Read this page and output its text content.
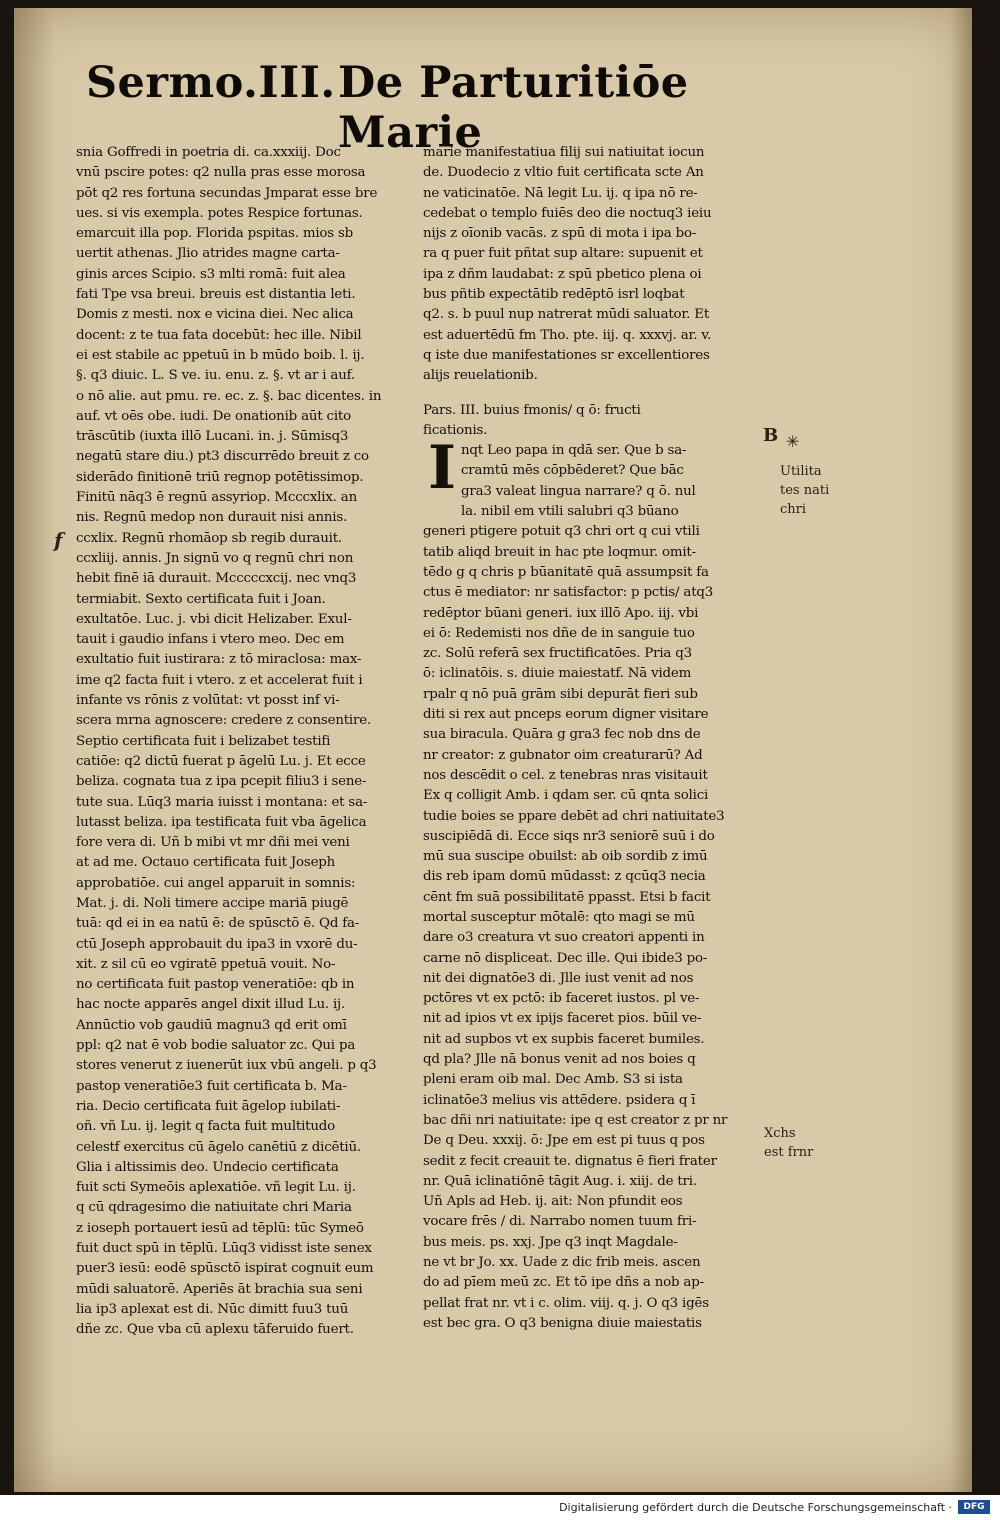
Sermo.III. De Parturitiōe Marie
snia Goffredi in poetria di. ca.xxxiij. Doc
vnū pscire potes: q2 nulla pras esse morosa
pōt q2 res fortuna secundas Jmparat esse bre
ues. si vis exempla. potes Respice fortunas.
emarcuit illa pop. Florida pspitas. mios sb
uertit athenas. Jlio atrides magne carta-
ginis arces Scipio. s3 mlti romā: fuit alea
fati Tpe vsa breui. breuis est distantia leti.
Domis z mesti. nox e vicina diei. Nec alica
docent: z te tua fata docebūt: hec ille. Nibil
ei est stabile ac ppetuū in b mūdo boib. l. ij.
§. q3 diuic. L. S ve. iu. enu. z. §. vt ar i auf.
o nō alie. aut pmu. re. ec. z. §. bac dicentes. in
auf. vt oēs obe. iudi. De onationib aūt cito
trāscūtib (iuxta illō Lucani. in. j. Sūmisq3
negatū stare diu.) pt3 discurrēdo breuit z co
siderādo finitionē triū regnop potētissimop.
Finitū nāq3 ē regnū assyriop. Mcccxlix. an
nis. Regnū medop non durauit nisi annis.
ccxlix. Regnū rhomāop sb regib durauit.
ccxliij. annis. Jn signū vo q regnū chri non
hebit finē iā durauit. Mcccccxcij. nec vnq3
termiabit. Sexto certificata fuit i Joan.
exultatōe. Luc. j. vbi dicit Helizaber. Exul-
tauit i gaudio infans i vtero meo. Dec em
exultatio fuit iustirara: z tō miraclosa: max-
ime q2 facta fuit i vtero. z et accelerat fuit i
infante vs rōnis z volūtat: vt posst inf vi-
scera mrna agnoscere: credere z consentire.
Septio certificata fuit i belizabet testifi
catiōe: q2 dictū fuerat p āgelū Lu. j. Et ecce
beliza. cognata tua z ipa pcepit filiu3 i sene-
tute sua. Lūq3 maria iuisst i montana: et sa-
lutasst beliza. ipa testificata fuit vba āgelica
fore vera di. Uñ b mibi vt mr dñi mei veni
at ad me. Octauo certificata fuit Joseph
approbatiōe. cui angel apparuit in somnis:
Mat. j. di. Noli timere accipe mariā piugē
tuā: qd ei in ea natū ē: de spūsctō ē. Qd fa-
ctū Joseph approbauit du ipa3 in vxorē du-
xit. z sil cū eo vgiratē ppetuā vouit. No-
no certificata fuit pastop veneratiōe: qb in
hac nocte apparēs angel dixit illud Lu. ij.
Annūctio vob gaudiū magnu3 qd erit omī
ppl: q2 nat ē vob bodie saluator zc. Qui pa
stores venerut z iuenerūt iux vbū angeli. p q3
pastop veneratiōe3 fuit certificata b. Ma-
ria. Decio certificata fuit āgelop iubilati-
oñ. vñ Lu. ij. legit q facta fuit multitudo
celestf exercitus cū āgelo canētiū z dicētiū.
Glia i altissimis deo. Undecio certificata
fuit scti Symeōis aplexatiōe. vñ legit Lu. ij.
q cū qdragesimo die natiuitate chri Maria
z ioseph portauert iesū ad tēplū: tūc Symeō
fuit duct spū in tēplū. Lūq3 vidisst iste senex
puer3 iesū: eodē spūsctō ispirat cognuit eum
mūdi saluatorē. Aperiēs āt brachia sua seni
lia ip3 aplexat est di. Nūc dimitt fuu3 tuū
dñe zc. Que vba cū aplexu tāferuido fuert.
marie manifestatiua filij sui natiuitat iocun
de. Duodecio z vltio fuit certificata scte An
ne vaticinatōe. Nā legit Lu. ij. q ipa nō re-
cedebat o templo fuiēs deo die noctuq3 ieiu
nijs z oīonib vacās. z spū di mota i ipa bo-
ra q puer fuit pñtat sup altare: supuenit et
ipa z dñm laudabat: z spū pbetico plena oi
bus pñtib expectātib redēptō isrl loqbat
q2. s. b puul nup natrerat mūdi saluator. Et
est aduertēdū fm Tho. pte. iij. q. xxxvj. ar. v.
q iste due manifestationes sr excellentiores
alijs reuelationib.
Pars. III. buius fmonis/ q ō: fructi
ficationis.
nqt Leo papa in qdā ser. Que b sa-
cramtū mēs cōpbēderet? Que bāc
gra3 valeat lingua narrare? q ō. nul
la. nibil em vtili salubri q3 būano
generi ptigere potuit q3 chri ort q cui vtili
tatib aliqd breuit in hac pte loqmur. omit-
tēdo g q chris p būanitatē quā assumpsit fa
ctus ē mediator: nr satisfactor: p pctis/ atq3
redēptor būani generi. iux illō Apo. iij. vbi
ei ō: Redemisti nos dñe de in sanguie tuo
zc. Solū referā sex fructificatōes. Pria q3
ō: iclinatōis. s. diuie maiestatf. Nā videm
rpalr q nō puā grām sibi depurāt fieri sub
diti si rex aut pnceps eorum digner visitare
sua biracula. Quāra g gra3 fec nob dns de
nr creator: z gubnator oim creaturarū? Ad
nos descēdit o cel. z tenebras nras visitauit
Ex q colligit Amb. i qdam ser. cū qnta solici
tudie boies se ppare debēt ad chri natiuitate3
suscipiēdā di. Ecce siqs nr3 seniorē suū i do
mū sua suscipe obuilst: ab oib sordib z imū
dis reb ipam domū mūdasst: z qcūq3 necia
cēnt fm suā possibilitatē ppasst. Etsi b facit
mortal susceptur mōtalē: qto magi se mū
dare o3 creatura vt suo creatori appenti in
carne nō displiceat. Dec ille. Qui ibide3 po-
nit dei dignatōe3 di. Jlle iust venit ad nos
pctōres vt ex pctō: ib faceret iustos. pl ve-
nit ad ipios vt ex ipijs faceret pios. būil ve-
nit ad supbos vt ex supbis faceret bumiles.
qd pla? Jlle nā bonus venit ad nos boies q
pleni eram oib mal. Dec Amb. S3 si ista
iclinatōe3 melius vis attēdere. psidera q ī
bac dñi nri natiuitate: ipe q est creator z pr nr
De q Deu. xxxij. ō: Jpe em est pi tuus q pos
sedit z fecit creauit te. dignatus ē fieri frater
nr. Quā iclinatiōnē tāgit Aug. i. xiij. de tri.
Uñ Apls ad Heb. ij. ait: Non pfundit eos
vocare frēs / di. Narrabo nomen tuum fri-
bus meis. ps. xxj. Jpe q3 inqt Magdale-
ne vt br Jo. xx. Uade z dic frib meis. ascen
do ad pīem meū zc. Et tō ipe dñs a nob ap-
pellat frat nr. vt i c. olim. viij. q. j. O q3 igēs
est bec gra. O q3 benigna diuie maiestatis
I	B ✳
Utilita
tes nati
chri
Xchs
est frnr
f
Digitalisierung gefördert durch die Deutsche Forschungsgemeinschaft ·	DFG
